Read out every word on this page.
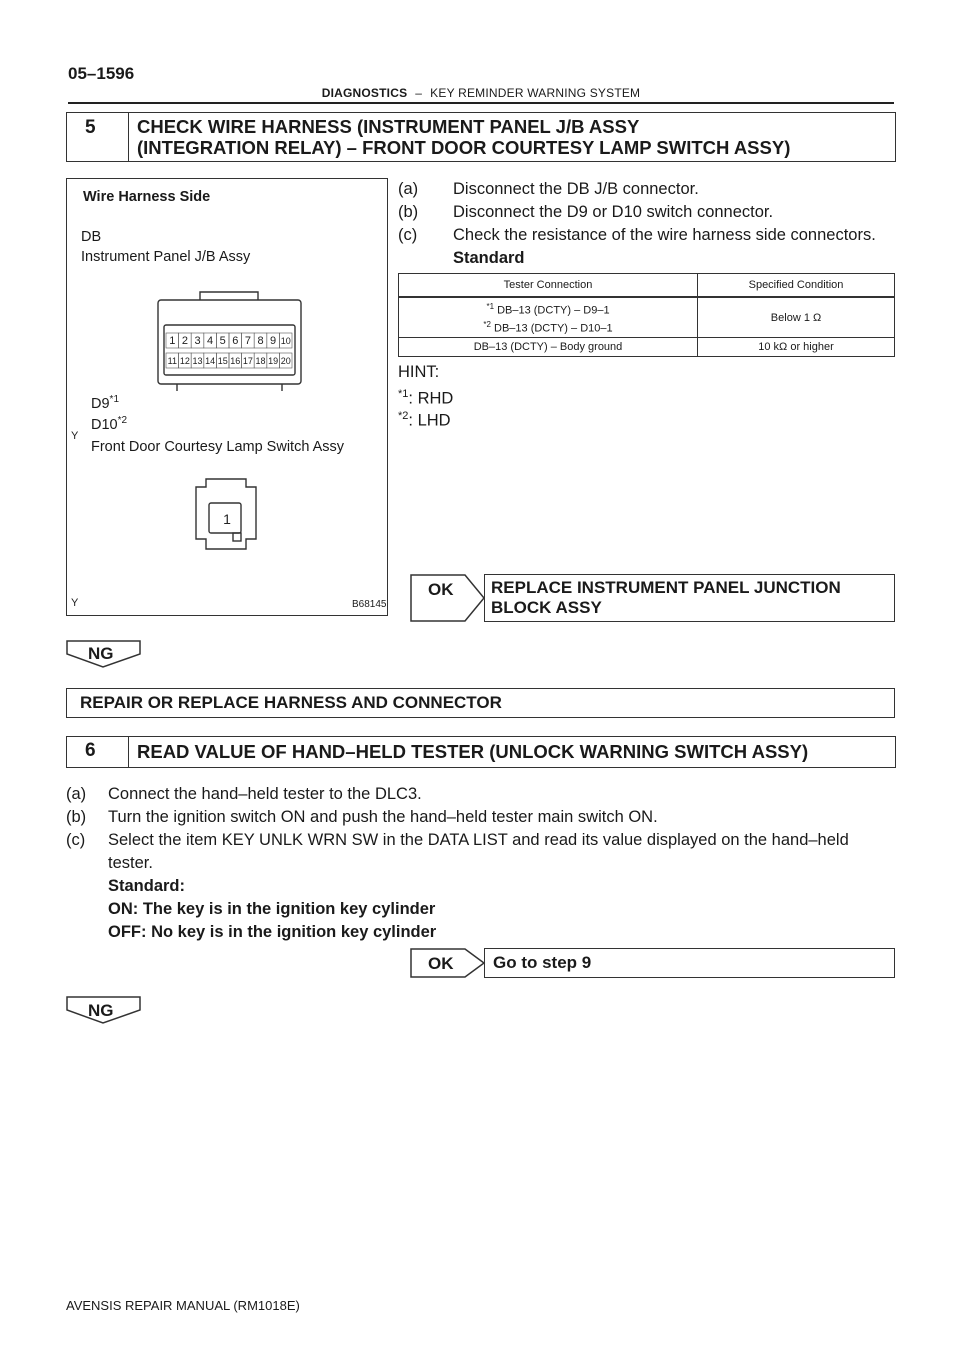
05–1596
DIAGNOSTICS – KEY REMINDER WARNING SYSTEM
5	CHECK WIRE HARNESS (INSTRUMENT PANEL J/B ASSY
(INTEGRATION RELAY) – FRONT DOOR COURTESY LAMP SWITCH ASSY)
Wire Harness Side
DB
Instrument Panel J/B Assy
1 2 3 4 5 6 7 8 9 10
11 12 13 14 15 16 17 18 19 20
1
D9$^{*1}$
D10$^{*2}$
Front Door Courtesy Lamp Switch Assy
Y
Y	B68145
(a) Disconnect the DB J/B connector.
(b) Disconnect the D9 or D10 switch connector.
(c) Check the resistance of the wire harness side connectors.
Standard
Tester Connection	Specified Condition

$^{*1}$ DB–13 (DCTY) – D9–1
$^{*2}$ DB–13 (DCTY) – D10–1	Below 1 Ω
DB–13 (DCTY) – Body ground	10 kΩ or higher
HINT:
$^{*1}$: RHD
$^{*2}$: LHD
OK REPLACE INSTRUMENT PANEL JUNCTION
BLOCK ASSY
NG
REPAIR OR REPLACE HARNESS AND CONNECTOR
6	READ VALUE OF HAND–HELD TESTER (UNLOCK WARNING SWITCH ASSY)
(a) Connect the hand–held tester to the DLC3.
(b) Turn the ignition switch ON and push the hand–held tester main switch ON.
(c) Select the item KEY UNLK WRN SW in the DATA LIST and read its value displayed on the hand–held
tester.
Standard:
ON: The key is in the ignition key cylinder
OFF: No key is in the ignition key cylinder
OK	Go to step 9
NG
AVENSIS REPAIR MANUAL (RM1018E)
